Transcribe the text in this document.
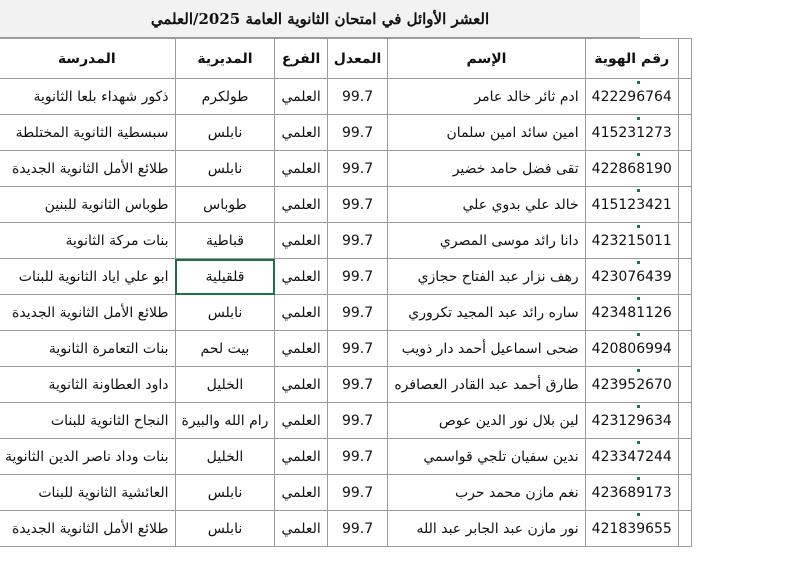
العشر الأوائل في امتحان الثانوية العامة 2025/العلمي
المدرسة	المديرية	الفرع	المعدل	الإسم	رقم الهوية	
ذكور شهداء بلعا الثانوية	طولكرم	العلمي	99.7	ادم ثائر خالد عامر	422296764	
سبسطية الثانوية المختلطة	نابلس	العلمي	99.7	امين سائد امين سلمان	415231273	
طلائع الأمل الثانوية الجديدة	نابلس	العلمي	99.7	تقى فضل حامد خضير	422868190	
طوباس الثانوية للبنين	طوباس	العلمي	99.7	خالد علي بدوي علي	415123421	
بنات مركة الثانوية	قباطية	العلمي	99.7	دانا رائد موسى المصري	423215011	
ابو علي اياد الثانوية للبنات	قلقيلية	العلمي	99.7	رهف نزار عبد الفتاح حجازي	423076439	
طلائع الأمل الثانوية الجديدة	نابلس	العلمي	99.7	ساره رائد عبد المجيد تكروري	423481126	
بنات التعامرة الثانوية	بيت لحم	العلمي	99.7	ضحى اسماعيل أحمد دار ذويب	420806994	
داود العطاونة الثانوية	الخليل	العلمي	99.7	طارق أحمد عبد القادر العصافره	423952670	
النجاح الثانوية للبنات	رام الله والبيرة	العلمي	99.7	لين بلال نور الدين عوص	423129634	
بنات وداد ناصر الدين الثانوية	الخليل	العلمي	99.7	ندين سفيان تلجي قواسمي	423347244	
العائشية الثانوية للبنات	نابلس	العلمي	99.7	نغم مازن محمد حرب	423689173	
طلائع الأمل الثانوية الجديدة	نابلس	العلمي	99.7	نور مازن عبد الجابر عبد الله	421839655	
